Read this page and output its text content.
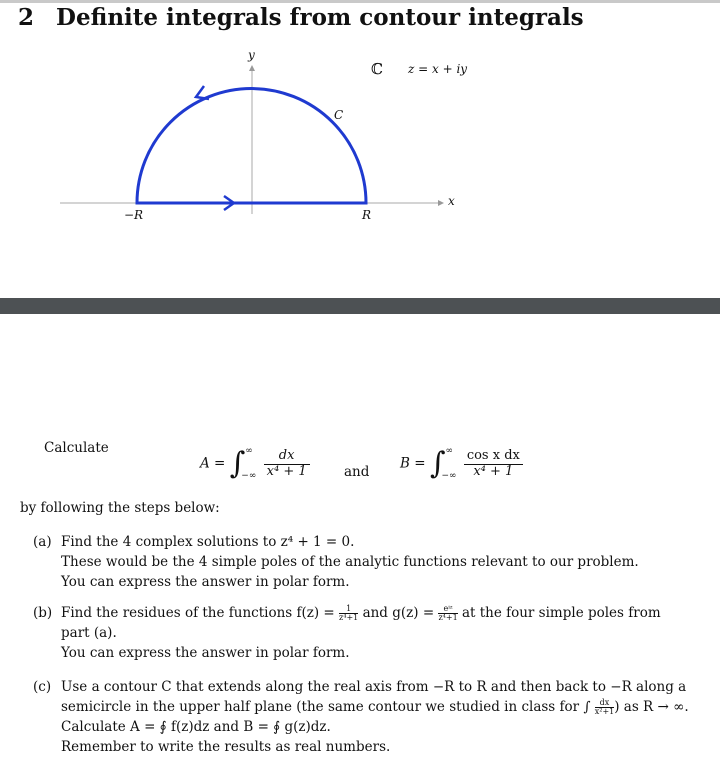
2 Definite integrals from contour integrals
y
x
C
ℂ z = x + iy
−R	R
Calculate
A = ∫ ∞
−∞
$\frac{dx}{\text{x⁴ + 1}}$	and
B = ∫ ∞
−∞
$\frac{\text{cos x dx}}{\text{x⁴ + 1}}$
by following the steps below:
(a) Find the 4 complex solutions to z⁴ + 1 = 0.
These would be the 4 simple poles of the analytic functions relevant to our problem.
You can express the answer in polar form.
(b) Find the residues of the functions $f(z) = \frac{1}{\text{z⁴+1}}$ and $g(z) = \frac{\text{eⁱᶻ}}{\text{z⁴+1}}$ at the four simple poles from
part (a).
You can express the answer in polar form.
(c) Use a contour C that extends along the real axis from −R to R and then back to −R along a
semicircle in the upper half plane (the same contour we studied in class for ∫ $\frac{dx}{\text{x²+1}}$ ) as R → ∞.
Calculate A = ∮ f(z)dz and B = ∮ g(z)dz.
Remember to write the results as real numbers.
